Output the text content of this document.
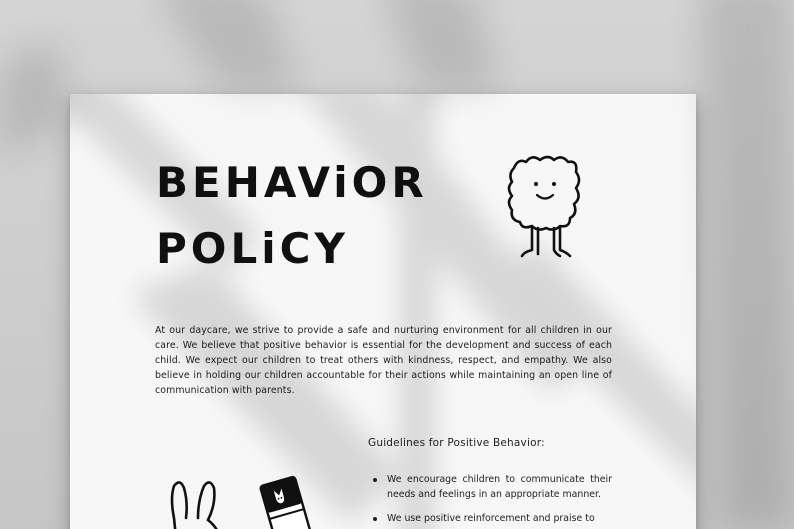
BEHAViOR
POLiCY

At our daycare, we strive to provide a safe and nurturing environment for all children in our care. We believe that positive behavior is essential for the development and success of each child. We expect our children to treat others with kindness, respect, and empathy. We also believe in holding our children accountable for their actions while maintaining an open line of communication with parents.

Guidelines for Positive Behavior:
We encourage children to communicate their needs and feelings in an appropriate manner.
We use positive reinforcement and praise to
